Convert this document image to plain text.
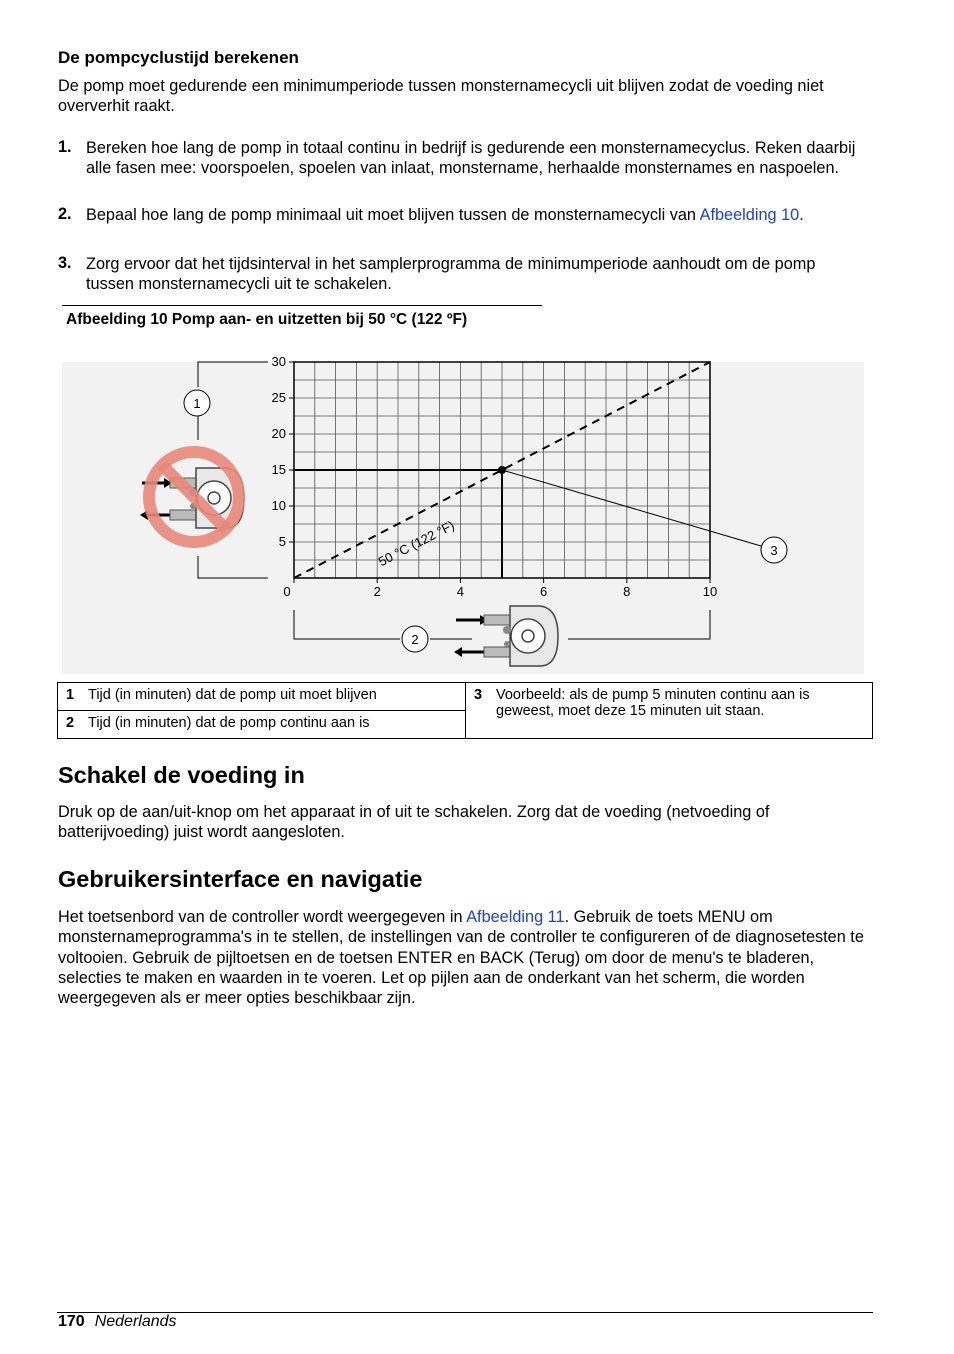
De pompcyclustijd berekenen
De pomp moet gedurende een minimumperiode tussen monsternamecycli uit blijven zodat de voeding niet oververhit raakt.
1. Bereken hoe lang de pomp in totaal continu in bedrijf is gedurende een monsternamecyclus. Reken daarbij alle fasen mee: voorspoelen, spoelen van inlaat, monstername, herhaalde monsternames en naspoelen.
2. Bepaal hoe lang de pomp minimaal uit moet blijven tussen de monsternamecycli van Afbeelding 10.
3. Zorg ervoor dat het tijdsinterval in het samplerprogramma de minimumperiode aanhoudt om de pomp tussen monsternamecycli uit te schakelen.
Afbeelding 10 Pomp aan- en uitzetten bij 50 °C (122 ºF)
5
10
15
20
25
30
0	2	4	6	8	10
50 °C (122 °F)
1
2
3
1 Tijd (in minuten) dat de pomp uit moet blijven	3 Voorbeeld: als de pump 5 minuten continu aan is geweest, moet deze 15 minuten uit staan.

2 Tijd (in minuten) dat de pomp continu aan is
Schakel de voeding in
Druk op de aan/uit-knop om het apparaat in of uit te schakelen. Zorg dat de voeding (netvoeding of batterijvoeding) juist wordt aangesloten.
Gebruikersinterface en navigatie
Het toetsenbord van de controller wordt weergegeven in Afbeelding 11. Gebruik de toets MENU om monsternameprogramma's in te stellen, de instellingen van de controller te configureren of de diagnosetesten te voltooien. Gebruik de pijltoetsen en de toetsen ENTER en BACK (Terug) om door de menu's te bladeren, selecties te maken en waarden in te voeren. Let op pijlen aan de onderkant van het scherm, die worden weergegeven als er meer opties beschikbaar zijn.
170 Nederlands
